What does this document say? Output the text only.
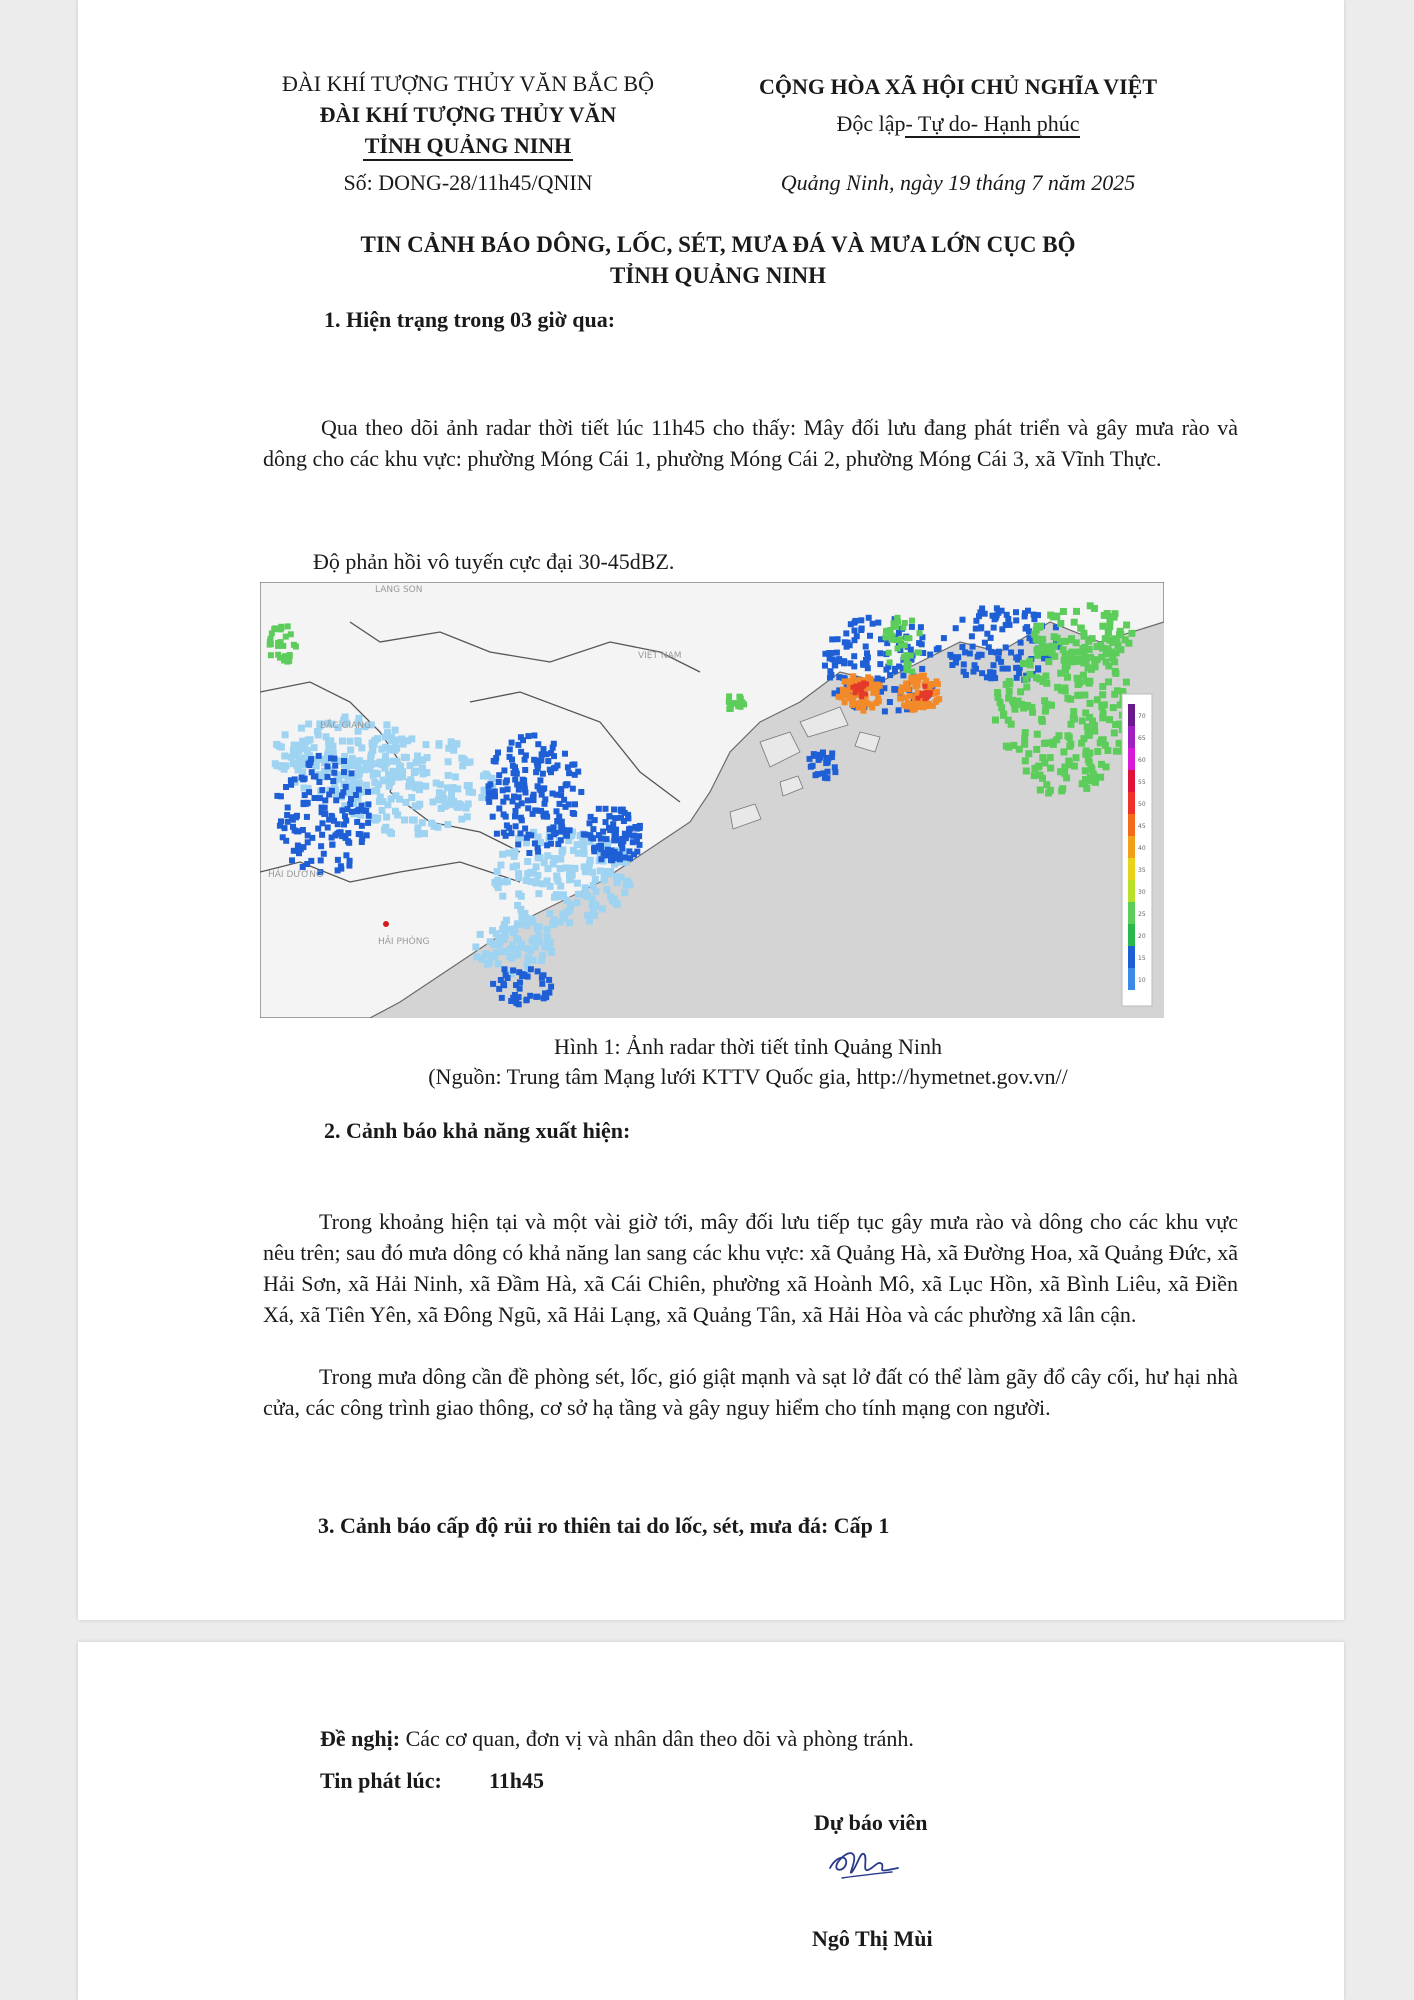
ĐÀI KHÍ TƯỢNG THỦY VĂN BẮC BỘ
ĐÀI KHÍ TƯỢNG THỦY VĂN
TỈNH QUẢNG NINH
Số: DONG-28/11h45/QNIN
CỘNG HÒA XÃ HỘI CHỦ NGHĨA VIỆT
Độc lập- Tự do- Hạnh phúc
Quảng Ninh, ngày 19 tháng 7 năm 2025
TIN CẢNH BÁO DÔNG, LỐC, SÉT, MƯA ĐÁ VÀ MƯA LỚN CỤC BỘ
TỈNH QUẢNG NINH
1. Hiện trạng trong 03 giờ qua:
Qua theo dõi ảnh radar thời tiết lúc 11h45 cho thấy: Mây đối lưu đang phát triển và gây mưa rào và dông cho các khu vực: phường Móng Cái 1, phường Móng Cái 2, phường Móng Cái 3, xã Vĩnh Thực.
Độ phản hồi vô tuyến cực đại 30-45dBZ.
LANG SON
VIỆT NAM
BẮC GIANG
HẢI DƯƠNG
HẢI PHÒNG
70
65
60
55
50
45
40
35
30
25
20
15
10
Hình 1: Ảnh radar thời tiết tỉnh Quảng Ninh
(Nguồn: Trung tâm Mạng lưới KTTV Quốc gia, http://hymetnet.gov.vn//
2. Cảnh báo khả năng xuất hiện:
Trong khoảng hiện tại và một vài giờ tới, mây đối lưu tiếp tục gây mưa rào và dông cho các khu vực nêu trên; sau đó mưa dông có khả năng lan sang các khu vực: xã Quảng Hà, xã Đường Hoa, xã Quảng Đức, xã Hải Sơn, xã Hải Ninh, xã Đầm Hà, xã Cái Chiên, phường xã Hoành Mô, xã Lục Hồn, xã Bình Liêu, xã Điền Xá, xã Tiên Yên, xã Đông Ngũ, xã Hải Lạng, xã Quảng Tân, xã Hải Hòa và các phường xã lân cận.
Trong mưa dông cần đề phòng sét, lốc, gió giật mạnh và sạt lở đất có thể làm gãy đổ cây cối, hư hại nhà cửa, các công trình giao thông, cơ sở hạ tầng và gây nguy hiểm cho tính mạng con người.
3. Cảnh báo cấp độ rủi ro thiên tai do lốc, sét, mưa đá: Cấp 1
Đề nghị: Các cơ quan, đơn vị và nhân dân theo dõi và phòng tránh.
Tin phát lúc: 11h45
Dự báo viên
Ngô Thị Mùi
